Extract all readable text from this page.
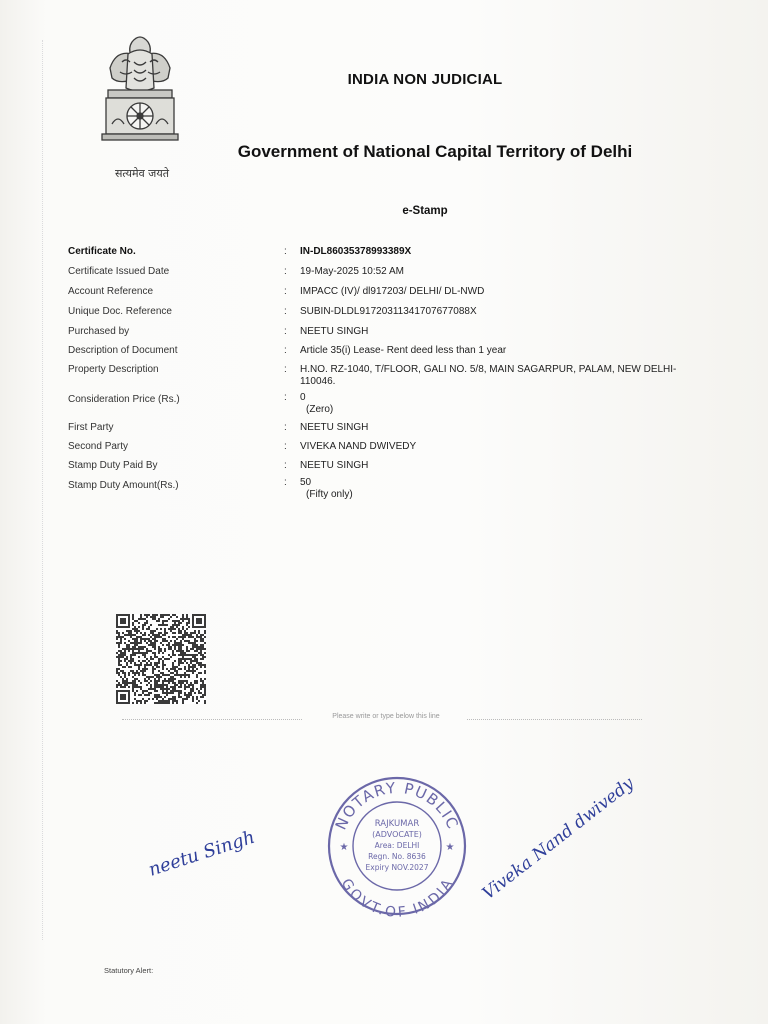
सत्यमेव जयते
INDIA NON JUDICIAL
Government of National Capital Territory of Delhi
e-Stamp
Certificate No.	: IN-DL86035378993389X
Certificate Issued Date	: 19-May-2025 10:52 AM
Account Reference	: IMPACC (IV)/ dl917203/ DELHI/ DL-NWD
Unique Doc. Reference	: SUBIN-DLDL91720311341707677088X
Purchased by	: NEETU SINGH
Description of Document	: Article 35(i) Lease- Rent deed less than 1 year
Property Description	: H.NO. RZ-1040, T/FLOOR, GALI NO. 5/8, MAIN SAGARPUR, PALAM, NEW DELHI-110046.
Consideration Price (Rs.)	: 0
(Zero)
First Party	: NEETU SINGH
Second Party	: VIVEKA NAND DWIVEDY
Stamp Duty Paid By	: NEETU SINGH
Stamp Duty Amount(Rs.)	: 50
(Fifty only)
Please write or type below this line
NOTARY PUBLIC
GOVT.OF INDIA
★	★
RAJKUMAR
(ADVOCATE)
Area: DELHI
Regn. No. 8636
Expiry NOV.2027
neetu Singh	Viveka Nand dwivedy
Statutory Alert:
